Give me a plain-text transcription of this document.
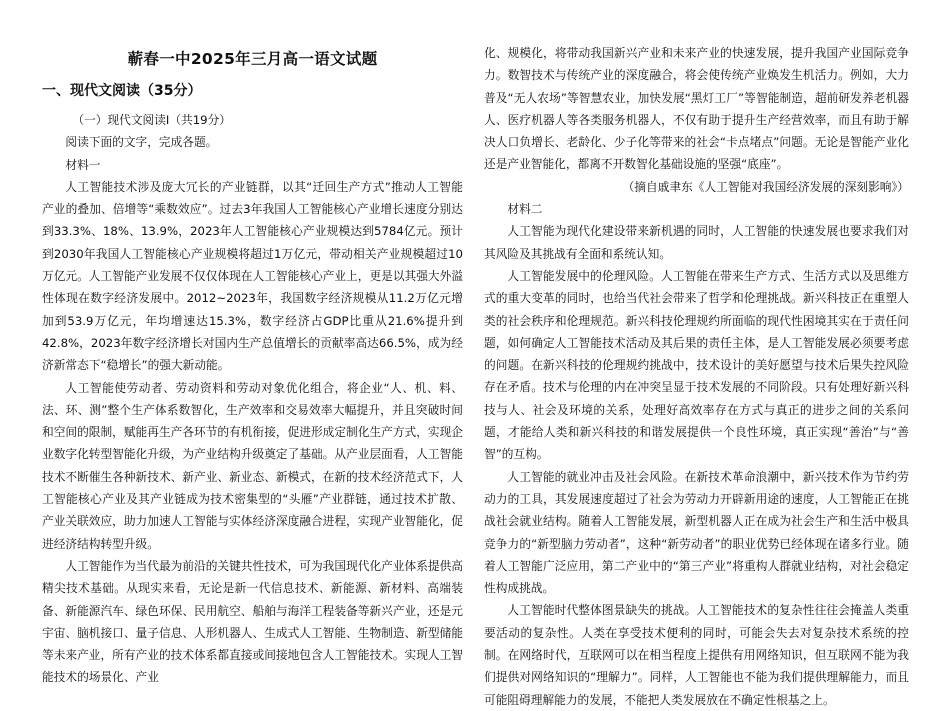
蕲春一中2025年三月高一语文试题
一、现代文阅读（35分）

（一）现代文阅读Ⅰ（共19分）

阅读下面的文字，完成各题。

材料一

人工智能技术涉及庞大冗长的产业链群，以其“迁回生产方式”推动人工智能产业的叠加、倍增等“乘数效应”。过去3年我国人工智能核心产业增长速度分别达到33.3%、18%、13.9%，2023年人工智能核心产业规模达到5784亿元。预计到2030年我国人工智能核心产业规模将超过1万亿元，带动相关产业规模超过10万亿元。人工智能产业发展不仅仅体现在人工智能核心产业上，更是以其强大外溢性体现在数字经济发展中。2012~2023年，我国数字经济规模从11.2万亿元增加到53.9万亿元，年均增速达15.3%，数字经济占GDP比重从21.6%提升到42.8%，2023年数字经济增长对国内生产总值增长的贡献率高达66.5%，成为经济新常态下“稳增长”的强大新动能。

人工智能使劳动者、劳动资料和劳动对象优化组合，将企业“人、机、料、法、环、测”整个生产体系数智化，生产效率和交易效率大幅提升，并且突破时间和空间的限制，赋能再生产各环节的有机衔接，促进形成定制化生产方式，实现企业数字化转型智能化升级，为产业结构升级奠定了基础。从产业层面看，人工智能技术不断催生各种新技术、新产业、新业态、新模式，在新的技术经济范式下，人工智能核心产业及其产业链成为技术密集型的“头雁”产业群链，通过技术扩散、产业关联效应，助力加速人工智能与实体经济深度融合进程，实现产业智能化，促进经济结构转型升级。

人工智能作为当代最为前沿的关键共性技术，可为我国现代化产业体系提供高精尖技术基础。从现实来看，无论是新一代信息技术、新能源、新材料、高端装备、新能源汽车、绿色环保、民用航空、船舶与海洋工程装备等新兴产业，还是元宇宙、脑机接口、量子信息、人形机器人、生成式人工智能、生物制造、新型储能等未来产业，所有产业的技术体系都直接或间接地包含人工智能技术。实现人工智能技术的场景化、产业

化、规模化，将带动我国新兴产业和未来产业的快速发展，提升我国产业国际竞争力。数智技术与传统产业的深度融合，将会使传统产业焕发生机活力。例如，大力普及“无人农场”等智慧农业，加快发展“黑灯工厂”等智能制造，超前研发养老机器人、医疗机器人等各类服务机器人，不仅有助于提升生产经营效率，而且有助于解决人口负增长、老龄化、少子化等带来的社会“卡点堵点”问题。无论是智能产业化还是产业智能化，都离不开数智化基础设施的坚强“底座”。

（摘自戚聿东《人工智能对我国经济发展的深刻影响》）

材料二

人工智能为现代化建设带来新机遇的同时，人工智能的快速发展也要求我们对其风险及其挑战有全面和系统认知。

人工智能发展中的伦理风险。人工智能在带来生产方式、生活方式以及思维方式的重大变革的同时，也给当代社会带来了哲学和伦理挑战。新兴科技正在重塑人类的社会秩序和伦理规范。新兴科技伦理规约所面临的现代性困境其实在于责任问题，如何确定人工智能技术活动及其后果的责任主体，是人工智能发展必须要考虑的问题。在新兴科技的伦理规约挑战中，技术设计的美好愿望与技术后果失控风险存在矛盾。技术与伦理的内在冲突呈显于技术发展的不同阶段。只有处理好新兴科技与人、社会及环境的关系，处理好高效率存在方式与真正的进步之间的关系问题，才能给人类和新兴科技的和谐发展提供一个良性环境，真正实现“善治”与“善智”的互构。

人工智能的就业冲击及社会风险。在新技术革命浪潮中，新兴技术作为节约劳动力的工具，其发展速度超过了社会为劳动力开辟新用途的速度，人工智能正在挑战社会就业结构。随着人工智能发展，新型机器人正在成为社会生产和生活中极具竞争力的“新型脑力劳动者”，这种“新劳动者”的职业优势已经体现在诸多行业。随着人工智能广泛应用，第二产业中的“第三产业”将重构人群就业结构，对社会稳定性构成挑战。

人工智能时代整体图景缺失的挑战。人工智能技术的复杂性往往会掩盖人类重要活动的复杂性。人类在享受技术便利的同时，可能会失去对复杂技术系统的控制。在网络时代，互联网可以在相当程度上提供有用网络知识，但互联网不能为我们提供对网络知识的“理解力”。同样，人工智能也不能为我们提供理解能力，而且可能阻碍理解能力的发展，不能把人类发展放在不确定性根基之上。
